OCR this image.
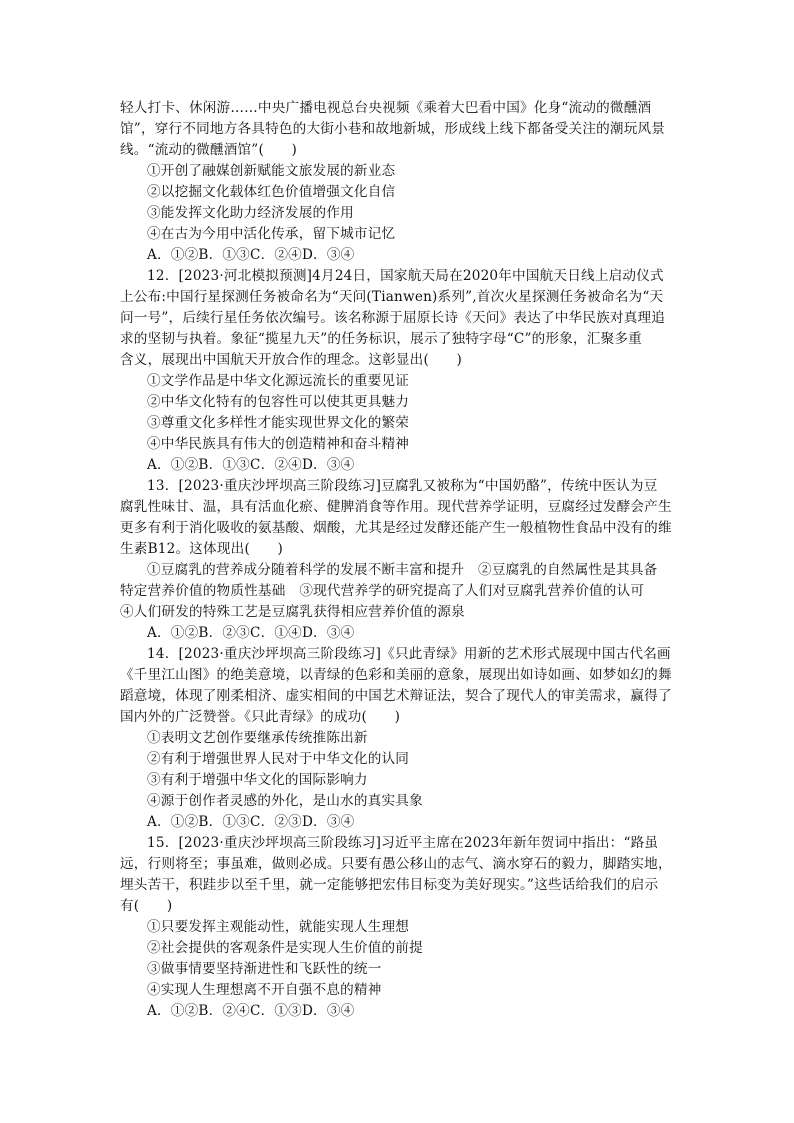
轻人打卡、休闲游……中央广播电视总台央视频《乘着大巴看中国》化身“流动的微醺酒
馆”，穿行不同地方各具特色的大街小巷和故地新城，形成线上线下都备受关注的潮玩风景
线。“流动的微醺酒馆”(　　)
①开创了融媒创新赋能文旅发展的新业态
②以挖掘文化载体红色价值增强文化自信
③能发挥文化助力经济发展的作用
④在古为今用中活化传承，留下城市记忆
A．①②B．①③C．②④D．③④
12．[2023·河北模拟预测]4月24日，国家航天局在2020年中国航天日线上启动仪式
上公布:中国行星探测任务被命名为“天问(Tianwen)系列”,首次火星探测任务被命名为“天
问一号”，后续行星任务依次编号。该名称源于屈原长诗《天问》表达了中华民族对真理追
求的坚韧与执着。象征“揽星九天”的任务标识，展示了独特字母“C”的形象，汇聚多重
含义，展现出中国航天开放合作的理念。这彰显出(　　)
①文学作品是中华文化源远流长的重要见证
②中华文化特有的包容性可以使其更具魅力
③尊重文化多样性才能实现世界文化的繁荣
④中华民族具有伟大的创造精神和奋斗精神
A．①②B．①③C．②④D．③④
13．[2023·重庆沙坪坝高三阶段练习]豆腐乳又被称为“中国奶酪”，传统中医认为豆
腐乳性味甘、温，具有活血化瘀、健脾消食等作用。现代营养学证明，豆腐经过发酵会产生
更多有利于消化吸收的氨基酸、烟酸，尤其是经过发酵还能产生一般植物性食品中没有的维
生素B12。这体现出(　　)
①豆腐乳的营养成分随着科学的发展不断丰富和提升　②豆腐乳的自然属性是其具备
特定营养价值的物质性基础　③现代营养学的研究提高了人们对豆腐乳营养价值的认可
④人们研发的特殊工艺是豆腐乳获得相应营养价值的源泉
A．①②B．②③C．①④D．③④
14．[2023·重庆沙坪坝高三阶段练习]《只此青绿》用新的艺术形式展现中国古代名画
《千里江山图》的绝美意境，以青绿的色彩和美丽的意象，展现出如诗如画、如梦如幻的舞
蹈意境，体现了刚柔相济、虚实相间的中国艺术辩证法，契合了现代人的审美需求，赢得了
国内外的广泛赞誉。《只此青绿》的成功(　　)
①表明文艺创作要继承传统推陈出新
②有利于增强世界人民对于中华文化的认同
③有利于增强中华文化的国际影响力
④源于创作者灵感的外化，是山水的真实具象
A．①②B．①③C．②③D．③④
15．[2023·重庆沙坪坝高三阶段练习]习近平主席在2023年新年贺词中指出：“路虽
远，行则将至；事虽难，做则必成。只要有愚公移山的志气、滴水穿石的毅力，脚踏实地，
埋头苦干，积跬步以至千里，就一定能够把宏伟目标变为美好现实。”这些话给我们的启示
有(　　)
①只要发挥主观能动性，就能实现人生理想
②社会提供的客观条件是实现人生价值的前提
③做事情要坚持渐进性和飞跃性的统一
④实现人生理想离不开自强不息的精神
A．①②B．②④C．①③D．③④
